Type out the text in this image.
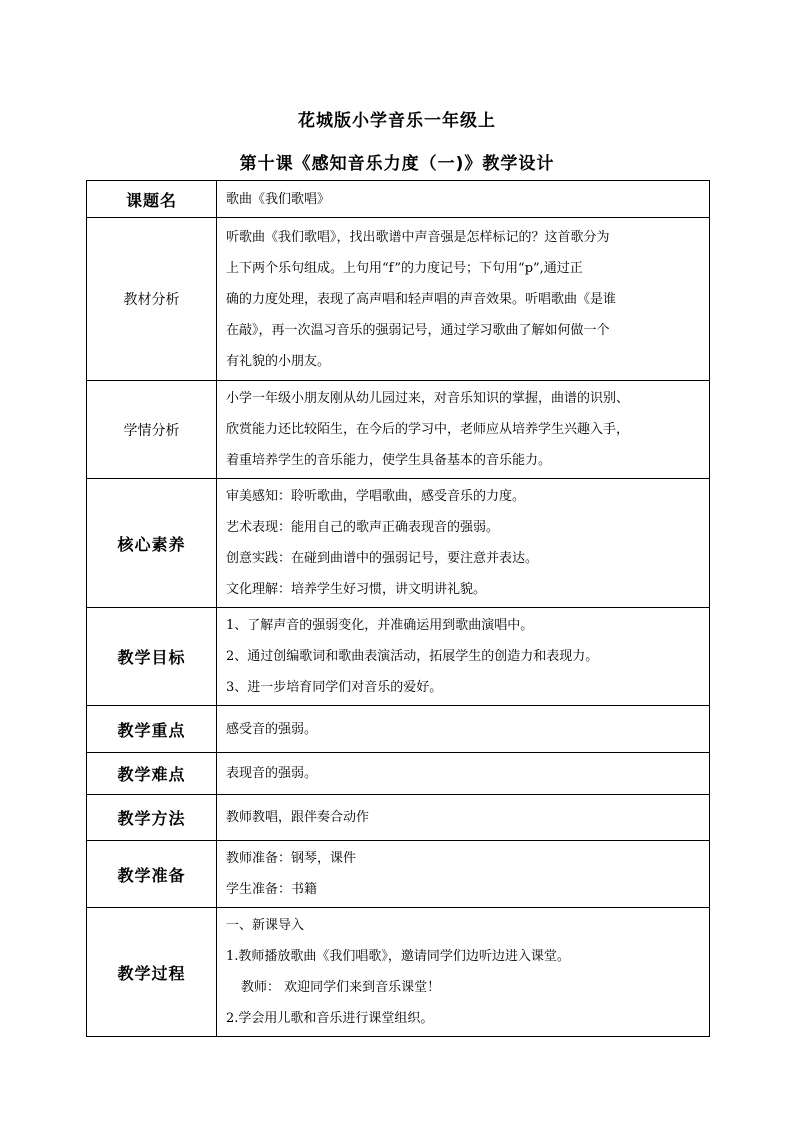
花城版小学音乐一年级上
第十课《感知音乐力度（一)》教学设计
课题名	歌曲《我们歌唱》

教材分析	听歌曲《我们歌唱》，找出歌谱中声音强是怎样标记的？这首歌分为
上下两个乐句组成。上句用“f”的力度记号；下句用“p”,通过正
确的力度处理，表现了高声唱和轻声唱的声音效果。听唱歌曲《是谁
在敲》，再一次温习音乐的强弱记号，通过学习歌曲了解如何做一个
有礼貌的小朋友。

学情分析	小学一年级小朋友刚从幼儿园过来，对音乐知识的掌握，曲谱的识别、
欣赏能力还比较陌生，在今后的学习中，老师应从培养学生兴趣入手，
着重培养学生的音乐能力，使学生具备基本的音乐能力。

核心素养	审美感知：聆听歌曲，学唱歌曲，感受音乐的力度。
艺术表现：能用自己的歌声正确表现音的强弱。
创意实践：在碰到曲谱中的强弱记号，要注意并表达。
文化理解：培养学生好习惯，讲文明讲礼貌。

教学目标	1、了解声音的强弱变化，并准确运用到歌曲演唱中。
2、通过创编歌词和歌曲表演活动，拓展学生的创造力和表现力。
3、进一步培育同学们对音乐的爱好。

教学重点	感受音的强弱。

教学难点	表现音的强弱。

教学方法	教师教唱，跟伴奏合动作

教学准备	教师准备：钢琴，课件
学生准备：书籍

教学过程	一、新课导入
1.教师播放歌曲《我们唱歌》，邀请同学们边听边进入课堂。
教师： 欢迎同学们来到音乐课堂！
2.学会用儿歌和音乐进行课堂组织。
